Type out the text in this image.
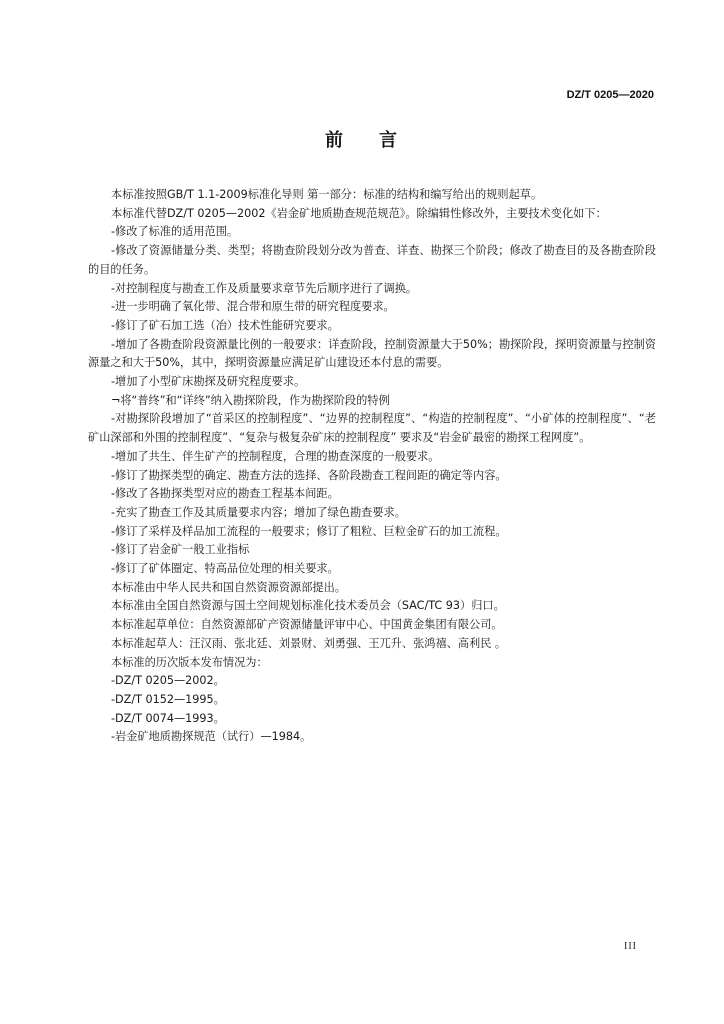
DZ/T 0205—2020
前 言

本标准按照GB/T 1.1-2009标准化导则 第一部分：标准的结构和编写给出的规则起草。

本标准代替DZ/T 0205—2002《岩金矿地质勘查规范规范》。除编辑性修改外，主要技术变化如下：

-修改了标准的适用范围。

-修改了资源储量分类、类型；将勘查阶段划分改为普查、详查、勘探三个阶段；修改了勘查目的及各勘查阶段的目的任务。

-对控制程度与勘查工作及质量要求章节先后顺序进行了调换。

-进一步明确了氧化带、混合带和原生带的研究程度要求。

-修订了矿石加工选（冶）技术性能研究要求。

-增加了各勘查阶段资源量比例的一般要求：详查阶段，控制资源量大于50%；勘探阶段，探明资源量与控制资源量之和大于50%，其中，探明资源量应满足矿山建设还本付息的需要。

-增加了小型矿床勘探及研究程度要求。

¬将“普终”和“详终”纳入勘探阶段，作为勘探阶段的特例

-对勘探阶段增加了“首采区的控制程度”、“边界的控制程度”、“构造的控制程度”、“小矿体的控制程度”、“老矿山深部和外围的控制程度”、“复杂与极复杂矿床的控制程度” 要求及“岩金矿最密的勘探工程网度”。

-增加了共生、伴生矿产的控制程度，合理的勘查深度的一般要求。

-修订了勘探类型的确定、勘查方法的选择、各阶段勘查工程间距的确定等内容。

-修改了各勘探类型对应的勘查工程基本间距。

-充实了勘查工作及其质量要求内容；增加了绿色勘查要求。

-修订了采样及样品加工流程的一般要求；修订了粗粒、巨粒金矿石的加工流程。

-修订了岩金矿一般工业指标

-修订了矿体圈定、特高品位处理的相关要求。

本标准由中华人民共和国自然资源资源部提出。

本标准由全国自然资源与国土空间规划标准化技术委员会（SAC/TC 93）归口。

本标准起草单位：自然资源部矿产资源储量评审中心、中国黄金集团有限公司。

本标准起草人：汪汉雨、张北廷、刘景财、刘勇强、王兀升、张鸿禧、高利民 。

本标准的历次版本发布情况为：

-DZ/T 0205—2002。

-DZ/T 0152—1995。

-DZ/T 0074—1993。

-岩金矿地质勘探规范（试行）—1984。

III
